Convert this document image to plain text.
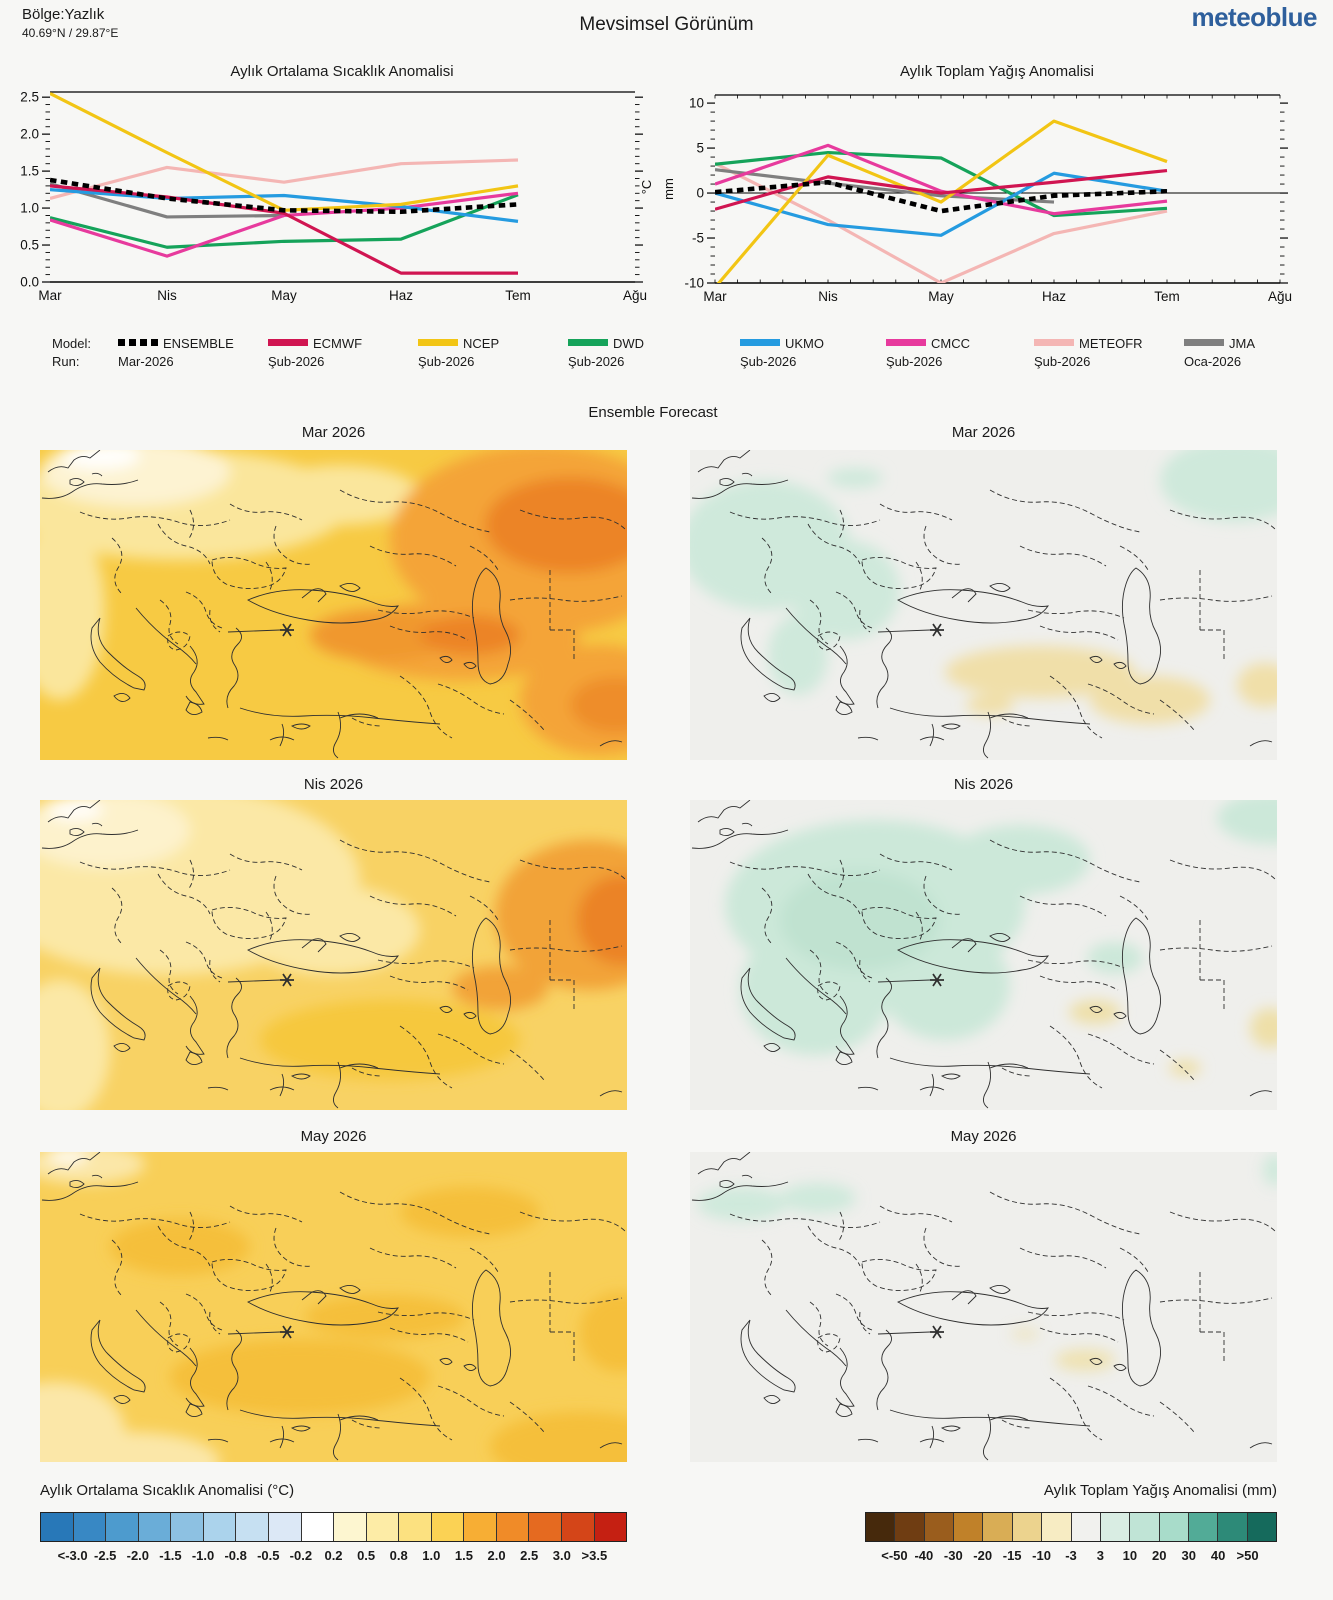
Bölge:Yazlık
40.69°N / 29.87°E	Mevsimsel Görünüm	meteoblue
Aylık Ortalama Sıcaklık Anomalisi	Aylık Toplam Yağış Anomalisi
0.0
0.5
1.0
1.5
2.0
2.5
Mar	Nis	May	Haz	Tem	Ağu
°C
-10
-5
0
5
10
Mar	Nis	May	Haz	Tem	Ağu
mm
Model:
Run:
ENSEMBLE
Mar-2026
ECMWF
Şub-2026
NCEP
Şub-2026
DWD
Şub-2026
UKMO
Şub-2026
CMCC
Şub-2026
METEOFR
Şub-2026
JMA
Oca-2026
Ensemble Forecast
Mar 2026	Mar 2026
Nis 2026	Nis 2026
May 2026	May 2026
Aylık Ortalama Sıcaklık Anomalisi (°C)
<-3.0 -2.5 -2.0 -1.5 -1.0 -0.8 -0.5 -0.2 0.2 0.5 0.8 1.0 1.5 2.0 2.5 3.0 >3.5
Aylık Toplam Yağış Anomalisi (mm)
<-50 -40 -30 -20 -15 -10 -3 3 10 20 30 40 >50
